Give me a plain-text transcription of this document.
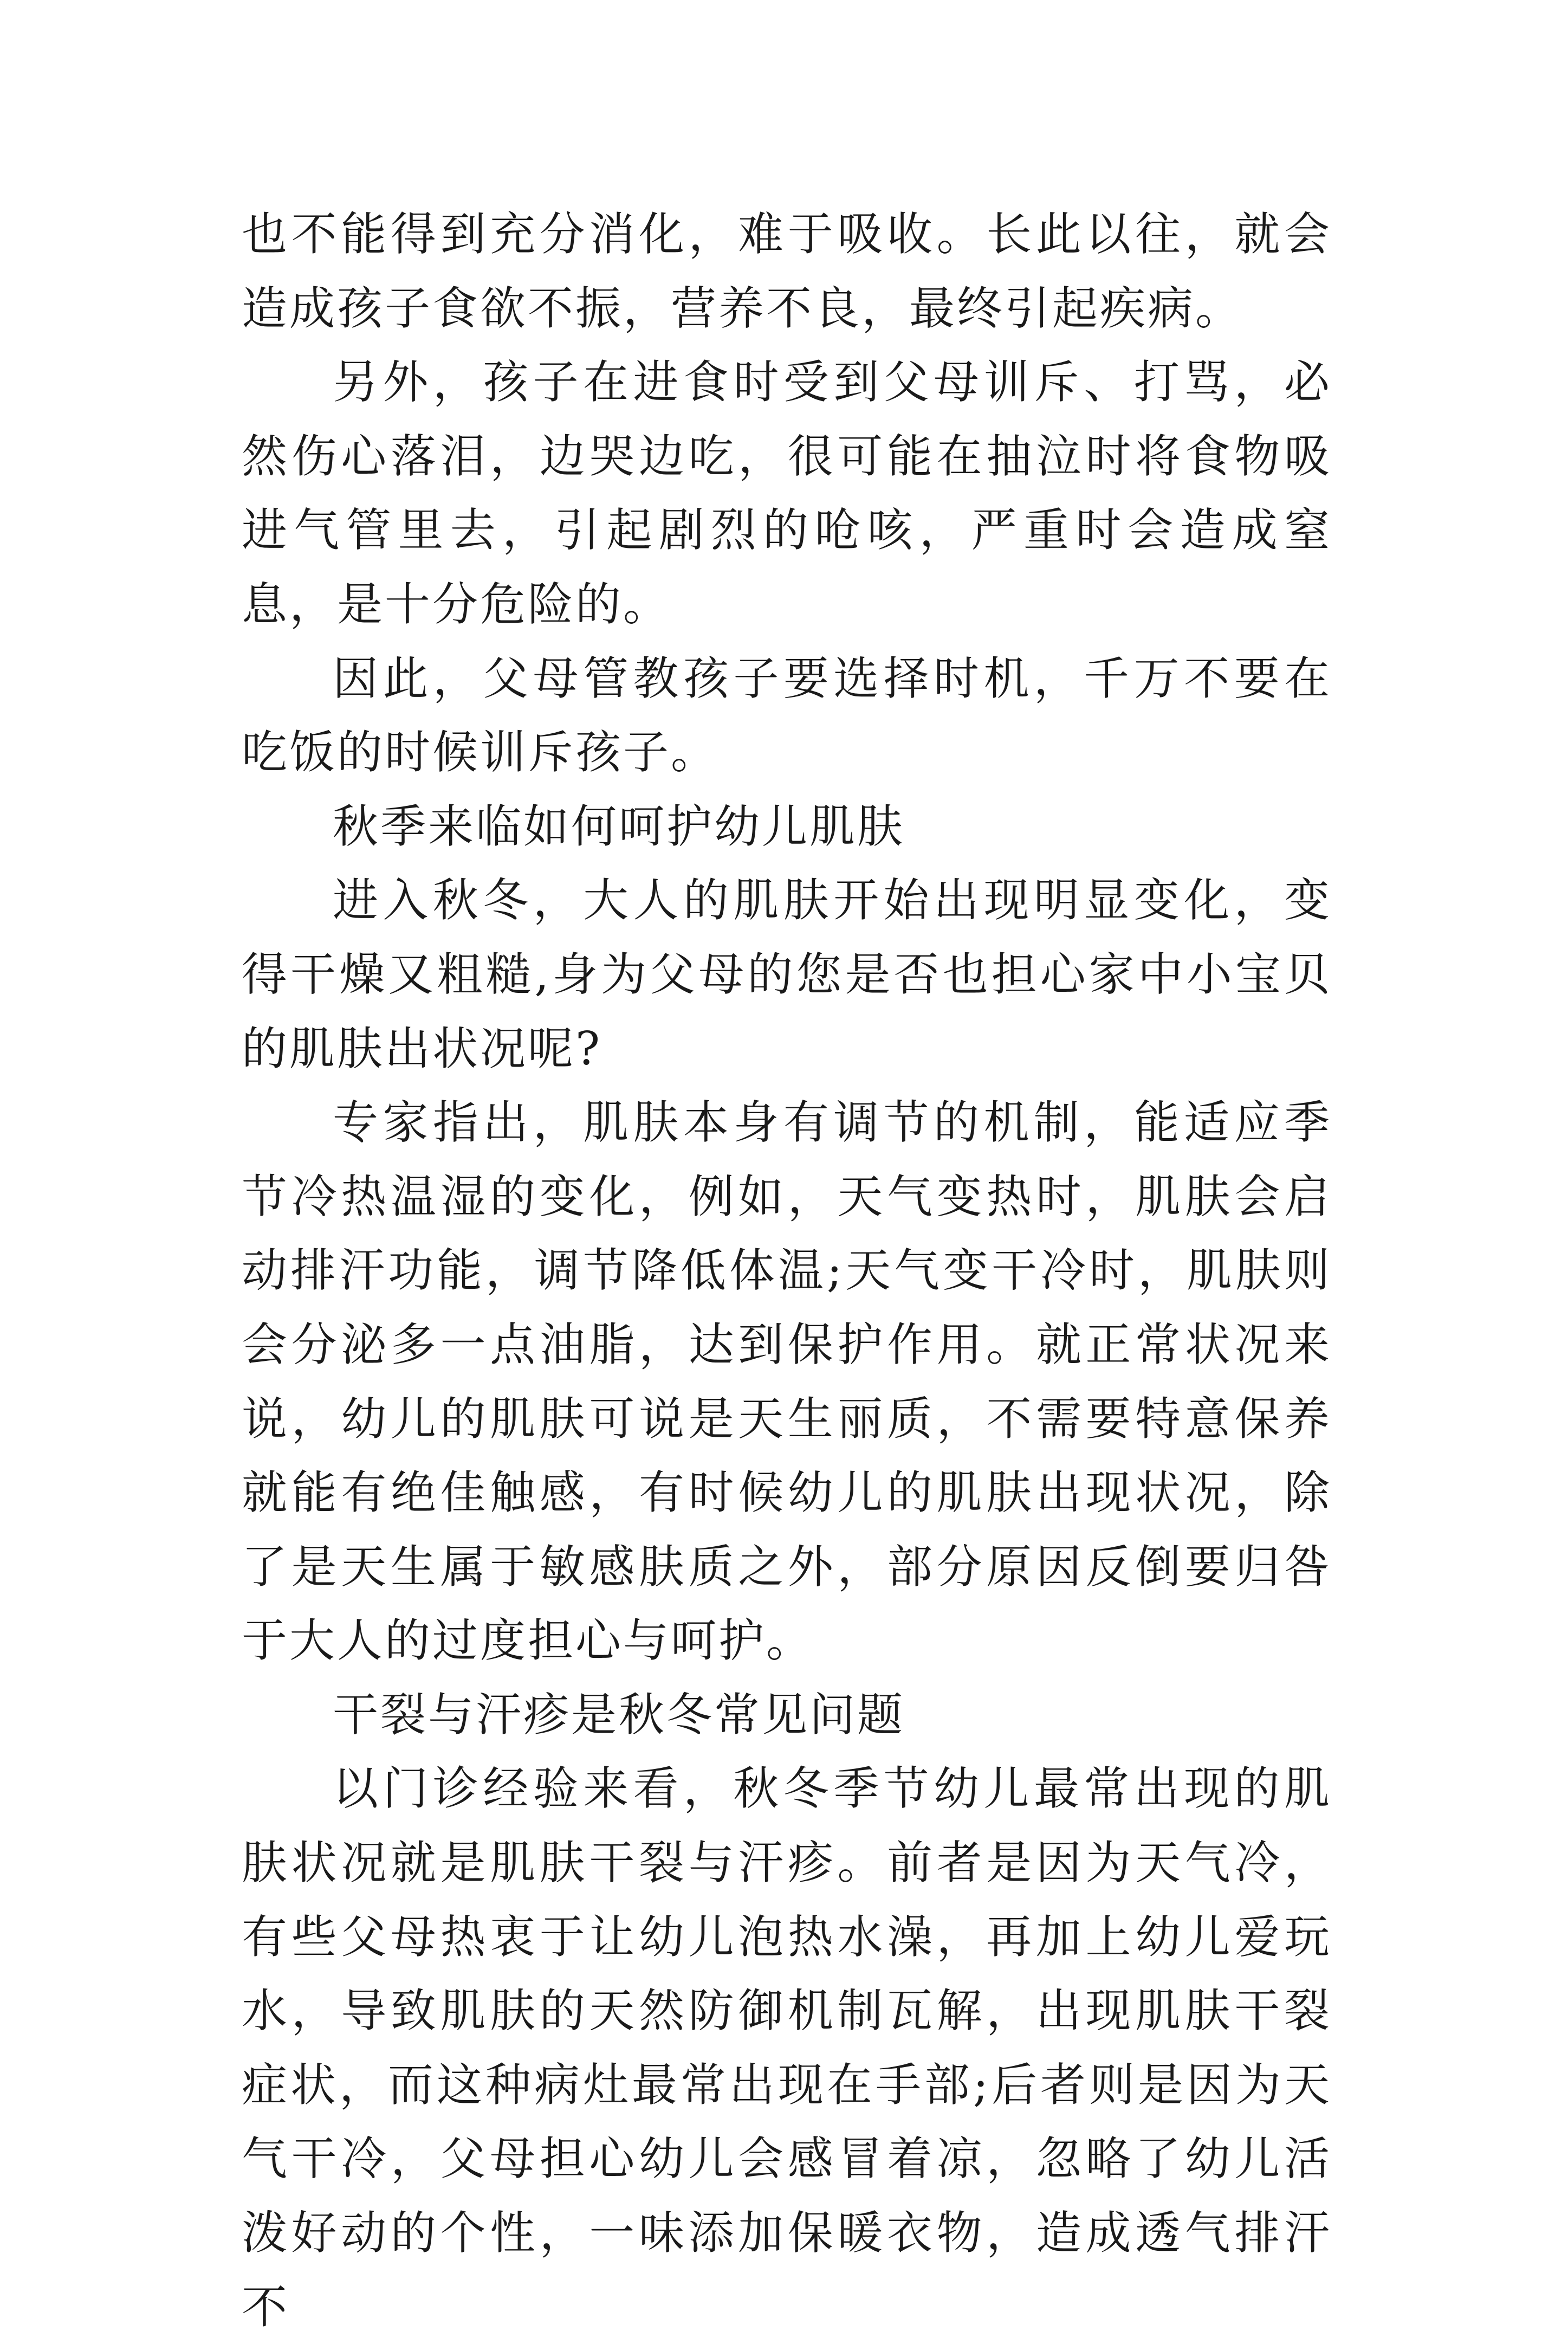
也不能得到充分消化，难于吸收。长此以往，就会造成孩子食欲不振，营养不良，最终引起疾病。

另外，孩子在进食时受到父母训斥、打骂，必然伤心落泪，边哭边吃，很可能在抽泣时将食物吸进气管里去，引起剧烈的呛咳，严重时会造成窒息，是十分危险的。

因此，父母管教孩子要选择时机，千万不要在吃饭的时候训斥孩子。

秋季来临如何呵护幼儿肌肤

进入秋冬，大人的肌肤开始出现明显变化，变得干燥又粗糙,身为父母的您是否也担心家中小宝贝的肌肤出状况呢?

专家指出，肌肤本身有调节的机制，能适应季节冷热温湿的变化，例如，天气变热时，肌肤会启动排汗功能，调节降低体温;天气变干冷时，肌肤则会分泌多一点油脂，达到保护作用。就正常状况来说，幼儿的肌肤可说是天生丽质，不需要特意保养就能有绝佳触感，有时候幼儿的肌肤出现状况，除了是天生属于敏感肤质之外，部分原因反倒要归咎于大人的过度担心与呵护。

干裂与汗疹是秋冬常见问题

以门诊经验来看，秋冬季节幼儿最常出现的肌肤状况就是肌肤干裂与汗疹。前者是因为天气冷，有些父母热衷于让幼儿泡热水澡，再加上幼儿爱玩水，导致肌肤的天然防御机制瓦解，出现肌肤干裂症状，而这种病灶最常出现在手部;后者则是因为天气干冷，父母担心幼儿会感冒着凉，忽略了幼儿活泼好动的个性，一味添加保暖衣物，造成透气排汗不
